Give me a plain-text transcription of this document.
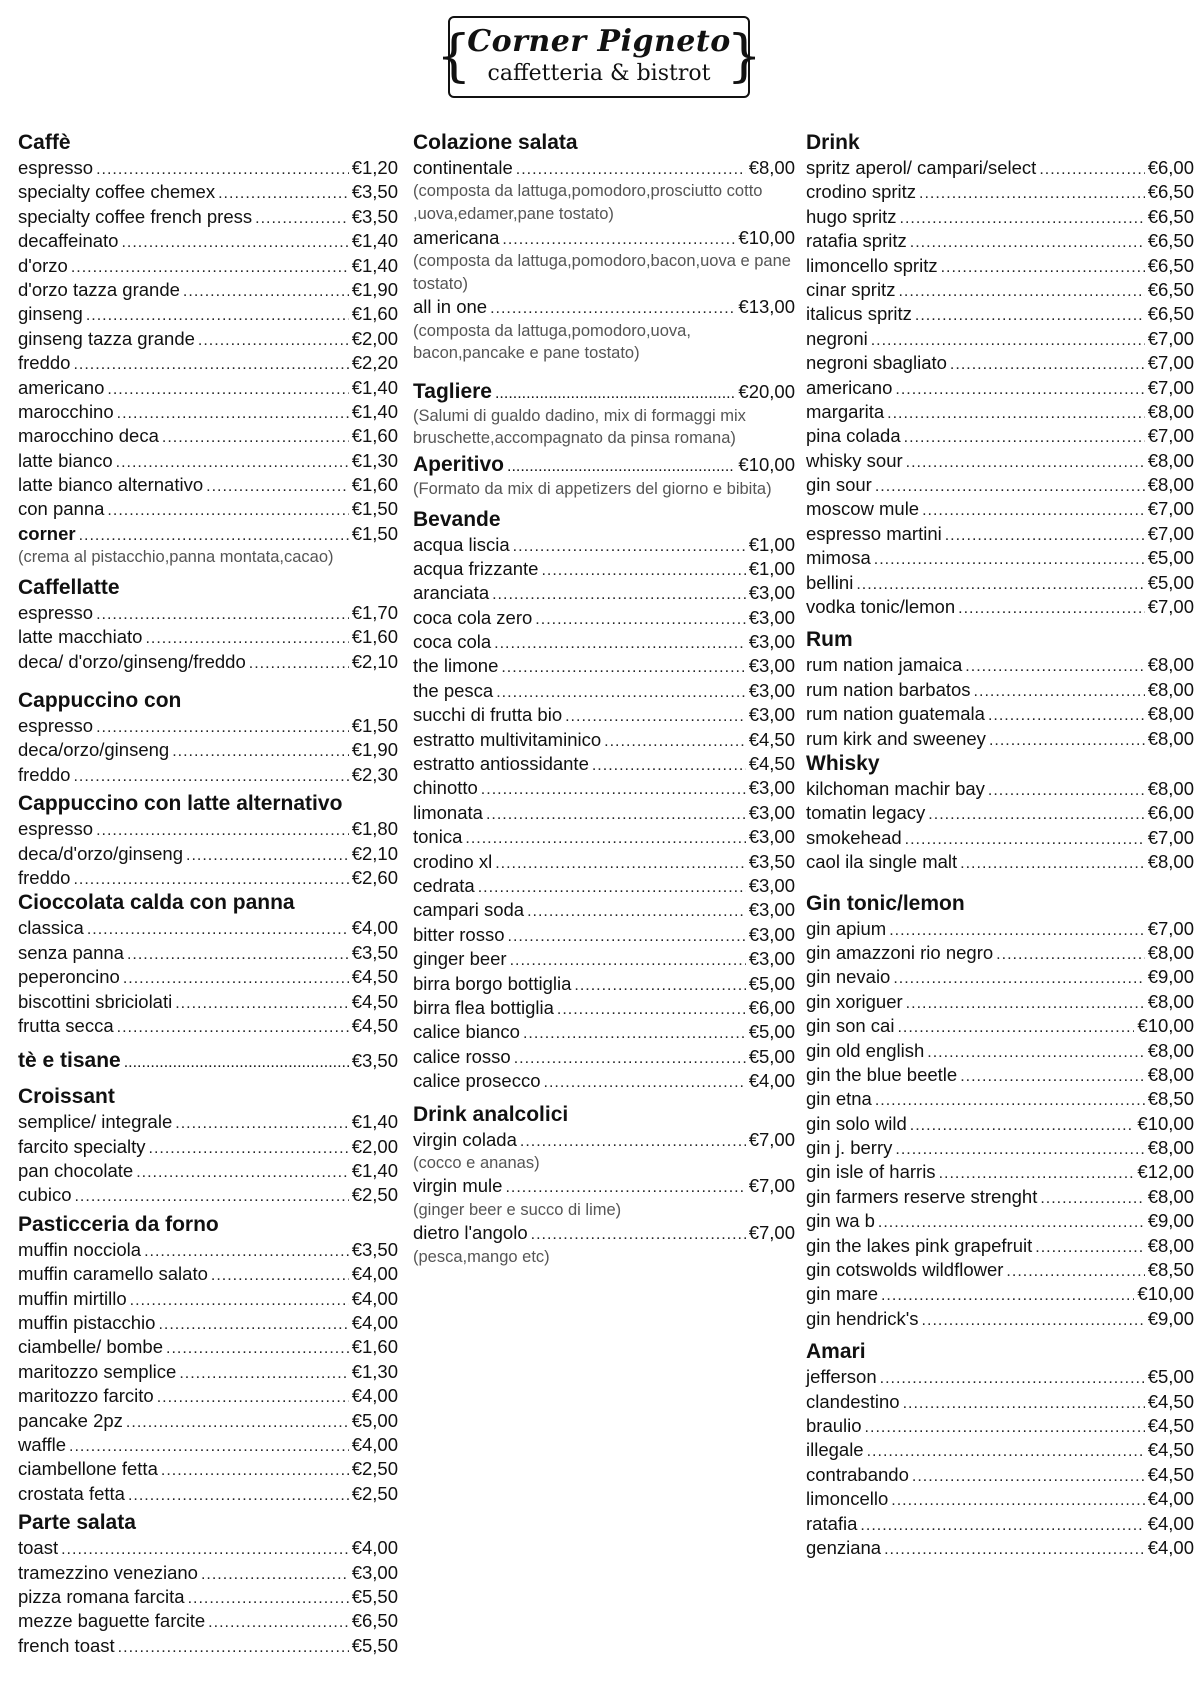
{	}
Corner Pigneto
caffetteria & bistrot
Caffè
espresso .....	€1,20
specialty coffee chemex .....	€3,50
specialty coffee french press .....	€3,50
decaffeinato .....	€1,40
d'orzo .....	€1,40
d'orzo tazza grande .....	€1,90
ginseng .....	€1,60
ginseng tazza grande .....	€2,00
freddo .....	€2,20
americano .....	€1,40
marocchino .....	€1,40
marocchino deca .....	€1,60
latte bianco .....	€1,30
latte bianco alternativo .....	€1,60
con panna .....	€1,50
corner .....	€1,50
(crema al pistacchio,panna montata,cacao)
Caffellatte
espresso .....	€1,70
latte macchiato .....	€1,60
deca/ d'orzo/ginseng/freddo .....	€2,10
Cappuccino con
espresso .....	€1,50
deca/orzo/ginseng .....	€1,90
freddo .....	€2,30
Cappuccino con latte alternativo
espresso .....	€1,80
deca/d'orzo/ginseng .....	€2,10
freddo .....	€2,60
Cioccolata calda con panna
classica .....	€4,00
senza panna .....	€3,50
peperoncino .....	€4,50
biscottini sbriciolati .....	€4,50
frutta secca .....	€4,50
tè e tisane .....	€3,50
Croissant
semplice/ integrale .....	€1,40
farcito specialty .....	€2,00
pan chocolate .....	€1,40
cubico .....	€2,50
Pasticceria da forno
muffin nocciola .....	€3,50
muffin caramello salato .....	€4,00
muffin mirtillo .....	€4,00
muffin pistacchio .....	€4,00
ciambelle/ bombe .....	€1,60
maritozzo semplice .....	€1,30
maritozzo farcito .....	€4,00
pancake 2pz .....	€5,00
waffle .....	€4,00
ciambellone fetta .....	€2,50
crostata fetta .....	€2,50
Parte salata
toast .....	€4,00
tramezzino veneziano .....	€3,00
pizza romana farcita .....	€5,50
mezze baguette farcite .....	€6,50
french toast .....	€5,50
Colazione salata
continentale .....	€8,00
(composta da lattuga,pomodoro,prosciutto cotto ,uova,edamer,pane tostato)
americana .....	€10,00
(composta da lattuga,pomodoro,bacon,uova e pane tostato)
all in one .....	€13,00
(composta da lattuga,pomodoro,uova, bacon,pancake e pane tostato)
Tagliere .....	€20,00
(Salumi di gualdo dadino, mix di formaggi mix bruschette,accompagnato da pinsa romana)
Aperitivo .....	€10,00
(Formato da mix di appetizers del giorno e bibita)
Bevande
acqua liscia .....	€1,00
acqua frizzante .....	€1,00
aranciata .....	€3,00
coca cola zero .....	€3,00
coca cola .....	€3,00
the limone .....	€3,00
the pesca .....	€3,00
succhi di frutta bio .....	€3,00
estratto multivitaminico .....	€4,50
estratto antiossidante .....	€4,50
chinotto .....	€3,00
limonata .....	€3,00
tonica .....	€3,00
crodino xl .....	€3,50
cedrata .....	€3,00
campari soda .....	€3,00
bitter rosso .....	€3,00
ginger beer .....	€3,00
birra borgo bottiglia .....	€5,00
birra flea bottiglia .....	€6,00
calice bianco .....	€5,00
calice rosso .....	€5,00
calice prosecco .....	€4,00
Drink analcolici
virgin colada .....	€7,00
(cocco e ananas)
virgin mule .....	€7,00
(ginger beer e succo di lime)
dietro l'angolo .....	€7,00
(pesca,mango etc)
Drink
spritz aperol/ campari/select .....	€6,00
crodino spritz .....	€6,50
hugo spritz .....	€6,50
ratafia spritz .....	€6,50
limoncello spritz .....	€6,50
cinar spritz .....	€6,50
italicus spritz .....	€6,50
negroni .....	€7,00
negroni sbagliato .....	€7,00
americano .....	€7,00
margarita .....	€8,00
pina colada .....	€7,00
whisky sour .....	€8,00
gin sour .....	€8,00
moscow mule .....	€7,00
espresso martini .....	€7,00
mimosa .....	€5,00
bellini .....	€5,00
vodka tonic/lemon .....	€7,00
Rum
rum nation jamaica .....	€8,00
rum nation barbatos .....	€8,00
rum nation guatemala .....	€8,00
rum kirk and sweeney .....	€8,00
Whisky
kilchoman machir bay .....	€8,00
tomatin legacy .....	€6,00
smokehead .....	€7,00
caol ila single malt .....	€8,00
Gin tonic/lemon
gin apium .....	€7,00
gin amazzoni rio negro .....	€8,00
gin nevaio .....	€9,00
gin xoriguer .....	€8,00
gin son cai .....	€10,00
gin old english .....	€8,00
gin the blue beetle .....	€8,00
gin etna .....	€8,50
gin solo wild .....	€10,00
gin j. berry .....	€8,00
gin isle of harris .....	€12,00
gin farmers reserve strenght .....	€8,00
gin wa b .....	€9,00
gin the lakes pink grapefruit .....	€8,00
gin cotswolds wildflower .....	€8,50
gin mare .....	€10,00
gin hendrick's .....	€9,00
Amari
jefferson .....	€5,00
clandestino .....	€4,50
braulio .....	€4,50
illegale .....	€4,50
contrabando .....	€4,50
limoncello .....	€4,00
ratafia .....	€4,00
genziana .....	€4,00
